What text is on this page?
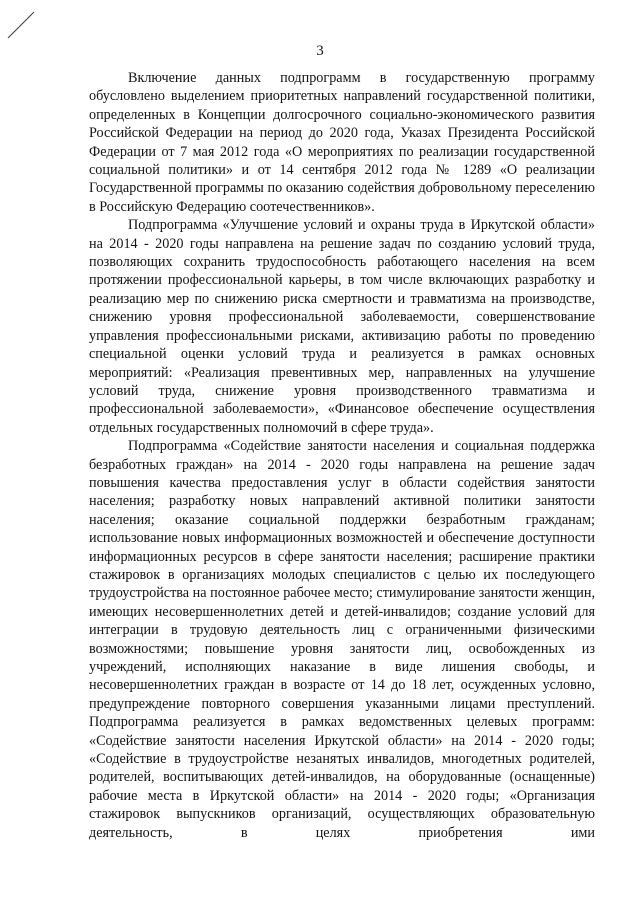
3

Включение данных подпрограмм в государственную программу обусловлено выделением приоритетных направлений государственной политики, определенных в Концепции долгосрочного социально-экономического развития Российской Федерации на период до 2020 года, Указах Президента Российской Федерации от 7 мая 2012 года «О мероприятиях по реализации государственной социальной политики» и от 14 сентября 2012 года № 1289 «О реализации Государственной программы по оказанию содействия добровольному переселению в Российскую Федерацию соотечественников».

Подпрограмма «Улучшение условий и охраны труда в Иркутской области» на 2014 - 2020 годы направлена на решение задач по созданию условий труда, позволяющих сохранить трудоспособность работающего населения на всем протяжении профессиональной карьеры, в том числе включающих разработку и реализацию мер по снижению риска смертности и травматизма на производстве, снижению уровня профессиональной заболеваемости, совершенствование управления профессиональными рисками, активизацию работы по проведению специальной оценки условий труда и реализуется в рамках основных мероприятий: «Реализация превентивных мер, направленных на улучшение условий труда, снижение уровня производственного травматизма и профессиональной заболеваемости», «Финансовое обеспечение осуществления отдельных государственных полномочий в сфере труда».

Подпрограмма «Содействие занятости населения и социальная поддержка безработных граждан» на 2014 - 2020 годы направлена на решение задач повышения качества предоставления услуг в области содействия занятости населения; разработку новых направлений активной политики занятости населения; оказание социальной поддержки безработным гражданам; использование новых информационных возможностей и обеспечение доступности информационных ресурсов в сфере занятости населения; расширение практики стажировок в организациях молодых специалистов с целью их последующего трудоустройства на постоянное рабочее место; стимулирование занятости женщин, имеющих несовершеннолетних детей и детей-инвалидов; создание условий для интеграции в трудовую деятельность лиц с ограниченными физическими возможностями; повышение уровня занятости лиц, освобожденных из учреждений, исполняющих наказание в виде лишения свободы, и несовершеннолетних граждан в возрасте от 14 до 18 лет, осужденных условно, предупреждение повторного совершения указанными лицами преступлений. Подпрограмма реализуется в рамках ведомственных целевых программ: «Содействие занятости населения Иркутской области» на 2014 - 2020 годы; «Содействие в трудоустройстве незанятых инвалидов, многодетных родителей, родителей, воспитывающих детей-инвалидов, на оборудованные (оснащенные) рабочие места в Иркутской области» на 2014 - 2020 годы; «Организация стажировок выпускников организаций, осуществляющих образовательную деятельность, в целях приобретения ими
